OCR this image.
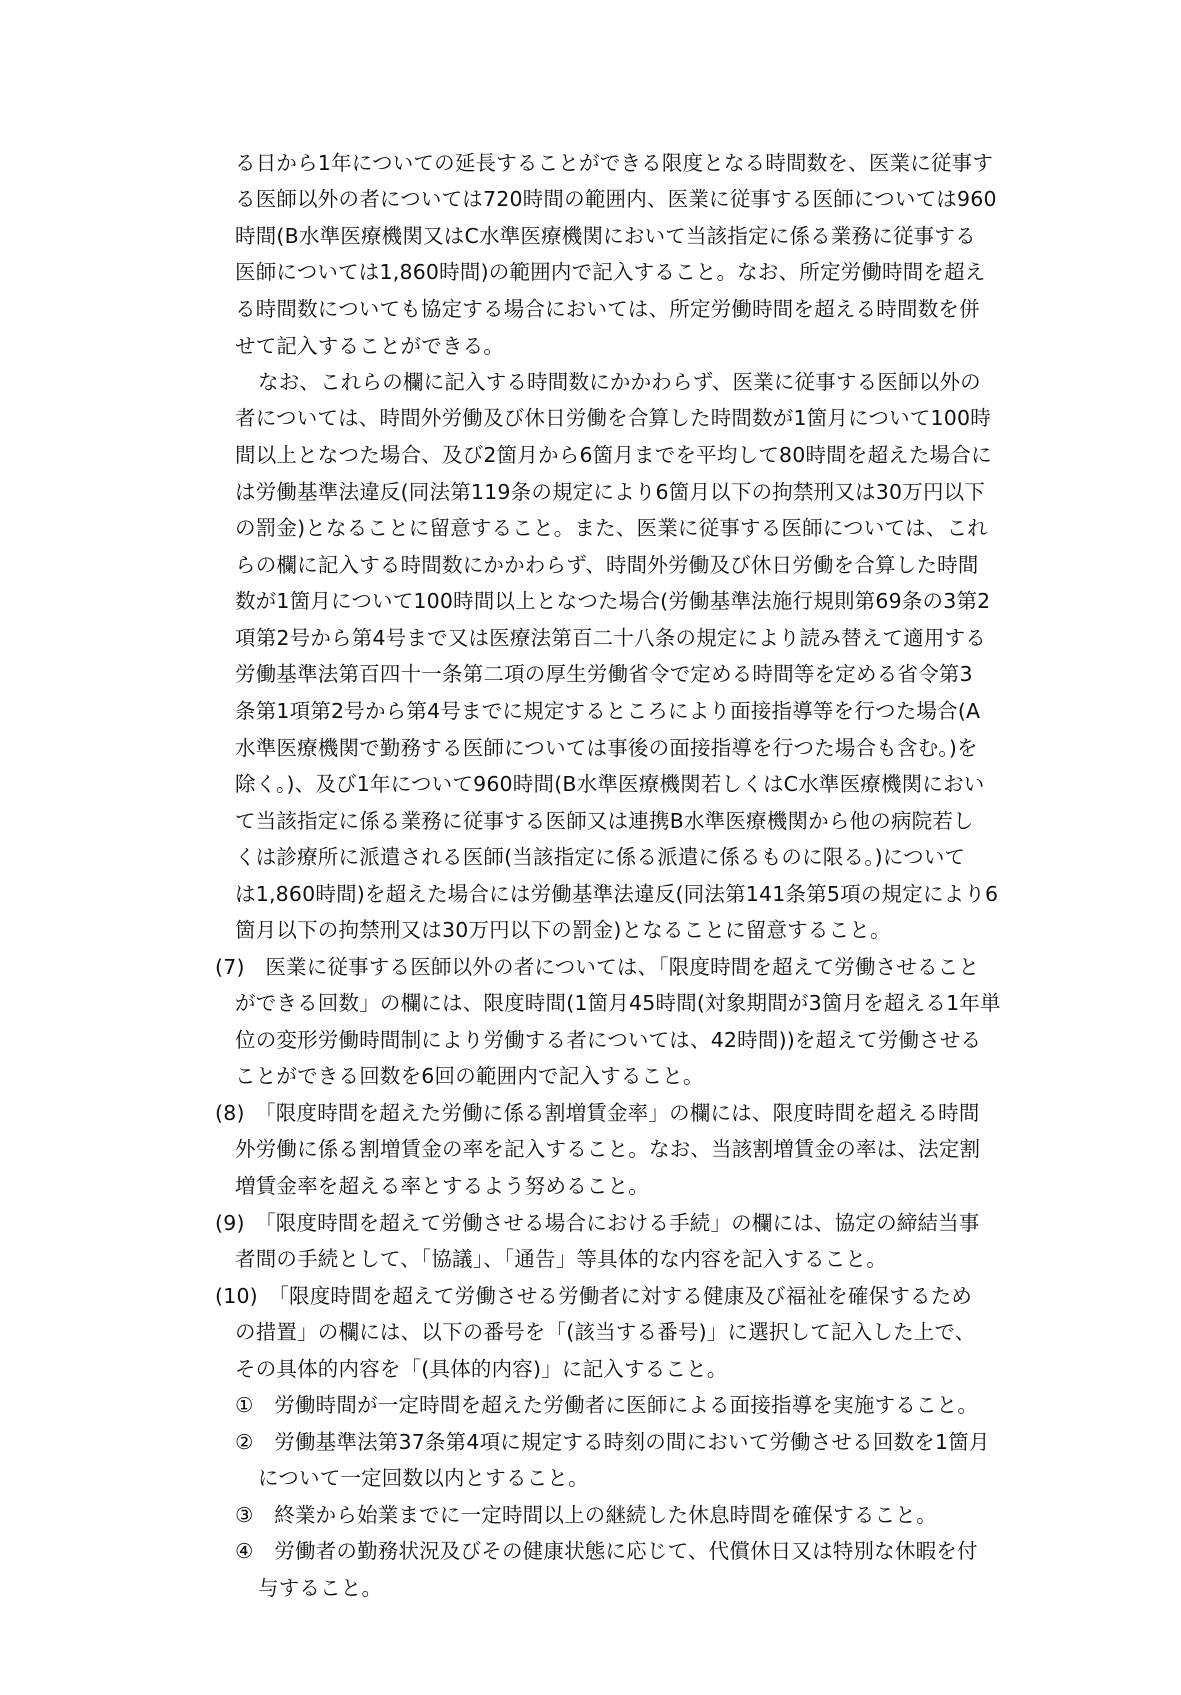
る日から1年についての延長することができる限度となる時間数を、医業に従事す
る医師以外の者については720時間の範囲内、医業に従事する医師については960
時間(B水準医療機関又はC水準医療機関において当該指定に係る業務に従事する
医師については1,860時間)の範囲内で記入すること。なお、所定労働時間を超え
る時間数についても協定する場合においては、所定労働時間を超える時間数を併
せて記入することができる。
なお、これらの欄に記入する時間数にかかわらず、医業に従事する医師以外の
者については、時間外労働及び休日労働を合算した時間数が1箇月について100時
間以上となつた場合、及び2箇月から6箇月までを平均して80時間を超えた場合に
は労働基準法違反(同法第119条の規定により6箇月以下の拘禁刑又は30万円以下
の罰金)となることに留意すること。また、医業に従事する医師については、これ
らの欄に記入する時間数にかかわらず、時間外労働及び休日労働を合算した時間
数が1箇月について100時間以上となつた場合(労働基準法施行規則第69条の3第2
項第2号から第4号まで又は医療法第百二十八条の規定により読み替えて適用する
労働基準法第百四十一条第二項の厚生労働省令で定める時間等を定める省令第3
条第1項第2号から第4号までに規定するところにより面接指導等を行つた場合(A
水準医療機関で勤務する医師については事後の面接指導を行つた場合も含む。)を
除く。)、及び1年について960時間(B水準医療機関若しくはC水準医療機関におい
て当該指定に係る業務に従事する医師又は連携B水準医療機関から他の病院若し
くは診療所に派遣される医師(当該指定に係る派遣に係るものに限る。)について
は1,860時間)を超えた場合には労働基準法違反(同法第141条第5項の規定により6
箇月以下の拘禁刑又は30万円以下の罰金)となることに留意すること。
(7)　医業に従事する医師以外の者については、「限度時間を超えて労働させること
ができる回数」の欄には、限度時間(1箇月45時間(対象期間が3箇月を超える1年単
位の変形労働時間制により労働する者については、42時間))を超えて労働させる
ことができる回数を6回の範囲内で記入すること。
(8)　「限度時間を超えた労働に係る割増賃金率」の欄には、限度時間を超える時間
外労働に係る割増賃金の率を記入すること。なお、当該割増賃金の率は、法定割
増賃金率を超える率とするよう努めること。
(9)　「限度時間を超えて労働させる場合における手続」の欄には、協定の締結当事
者間の手続として、「協議」、「通告」等具体的な内容を記入すること。
(10)　「限度時間を超えて労働させる労働者に対する健康及び福祉を確保するため
の措置」の欄には、以下の番号を「(該当する番号)」に選択して記入した上で、
その具体的内容を「(具体的内容)」に記入すること。
①　労働時間が一定時間を超えた労働者に医師による面接指導を実施すること。
②　労働基準法第37条第4項に規定する時刻の間において労働させる回数を1箇月
について一定回数以内とすること。
③　終業から始業までに一定時間以上の継続した休息時間を確保すること。
④　労働者の勤務状況及びその健康状態に応じて、代償休日又は特別な休暇を付
与すること。
